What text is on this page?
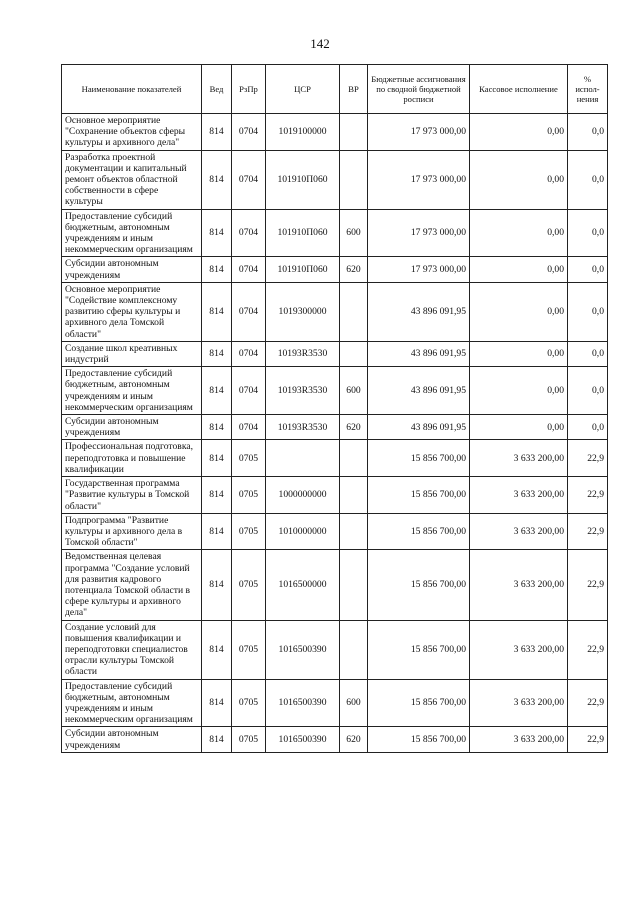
142
Наименование показателей	Вед	РзПр	ЦСР	ВР	Бюджетные ассигнования по сводной бюджетной росписи	Кассовое исполнение	% испол-нения
Основное мероприятие "Сохранение объектов сферы культуры и архивного дела"	814	0704	1019100000		17 973 000,00	0,00	0,0
Разработка проектной документации и капитальный ремонт объектов областной собственности в сфере культуры	814	0704	101910П060		17 973 000,00	0,00	0,0
Предоставление субсидий бюджетным, автономным учреждениям и иным некоммерческим организациям	814	0704	101910П060	600	17 973 000,00	0,00	0,0
Субсидии автономным учреждениям	814	0704	101910П060	620	17 973 000,00	0,00	0,0
Основное мероприятие "Содействие комплексному развитию сферы культуры и архивного дела Томской области"	814	0704	1019300000		43 896 091,95	0,00	0,0
Создание школ креативных индустрий	814	0704	10193R3530		43 896 091,95	0,00	0,0
Предоставление субсидий бюджетным, автономным учреждениям и иным некоммерческим организациям	814	0704	10193R3530	600	43 896 091,95	0,00	0,0
Субсидии автономным учреждениям	814	0704	10193R3530	620	43 896 091,95	0,00	0,0
Профессиональная подготовка, переподготовка и повышение квалификации	814	0705			15 856 700,00	3 633 200,00	22,9
Государственная программа "Развитие культуры в Томской области"	814	0705	1000000000		15 856 700,00	3 633 200,00	22,9
Подпрограмма "Развитие культуры и архивного дела в Томской области"	814	0705	1010000000		15 856 700,00	3 633 200,00	22,9
Ведомственная целевая программа "Создание условий для развития кадрового потенциала Томской области в сфере культуры и архивного дела"	814	0705	1016500000		15 856 700,00	3 633 200,00	22,9
Создание условий для повышения квалификации и переподготовки специалистов отрасли культуры Томской области	814	0705	1016500390		15 856 700,00	3 633 200,00	22,9
Предоставление субсидий бюджетным, автономным учреждениям и иным некоммерческим организациям	814	0705	1016500390	600	15 856 700,00	3 633 200,00	22,9
Субсидии автономным учреждениям	814	0705	1016500390	620	15 856 700,00	3 633 200,00	22,9
